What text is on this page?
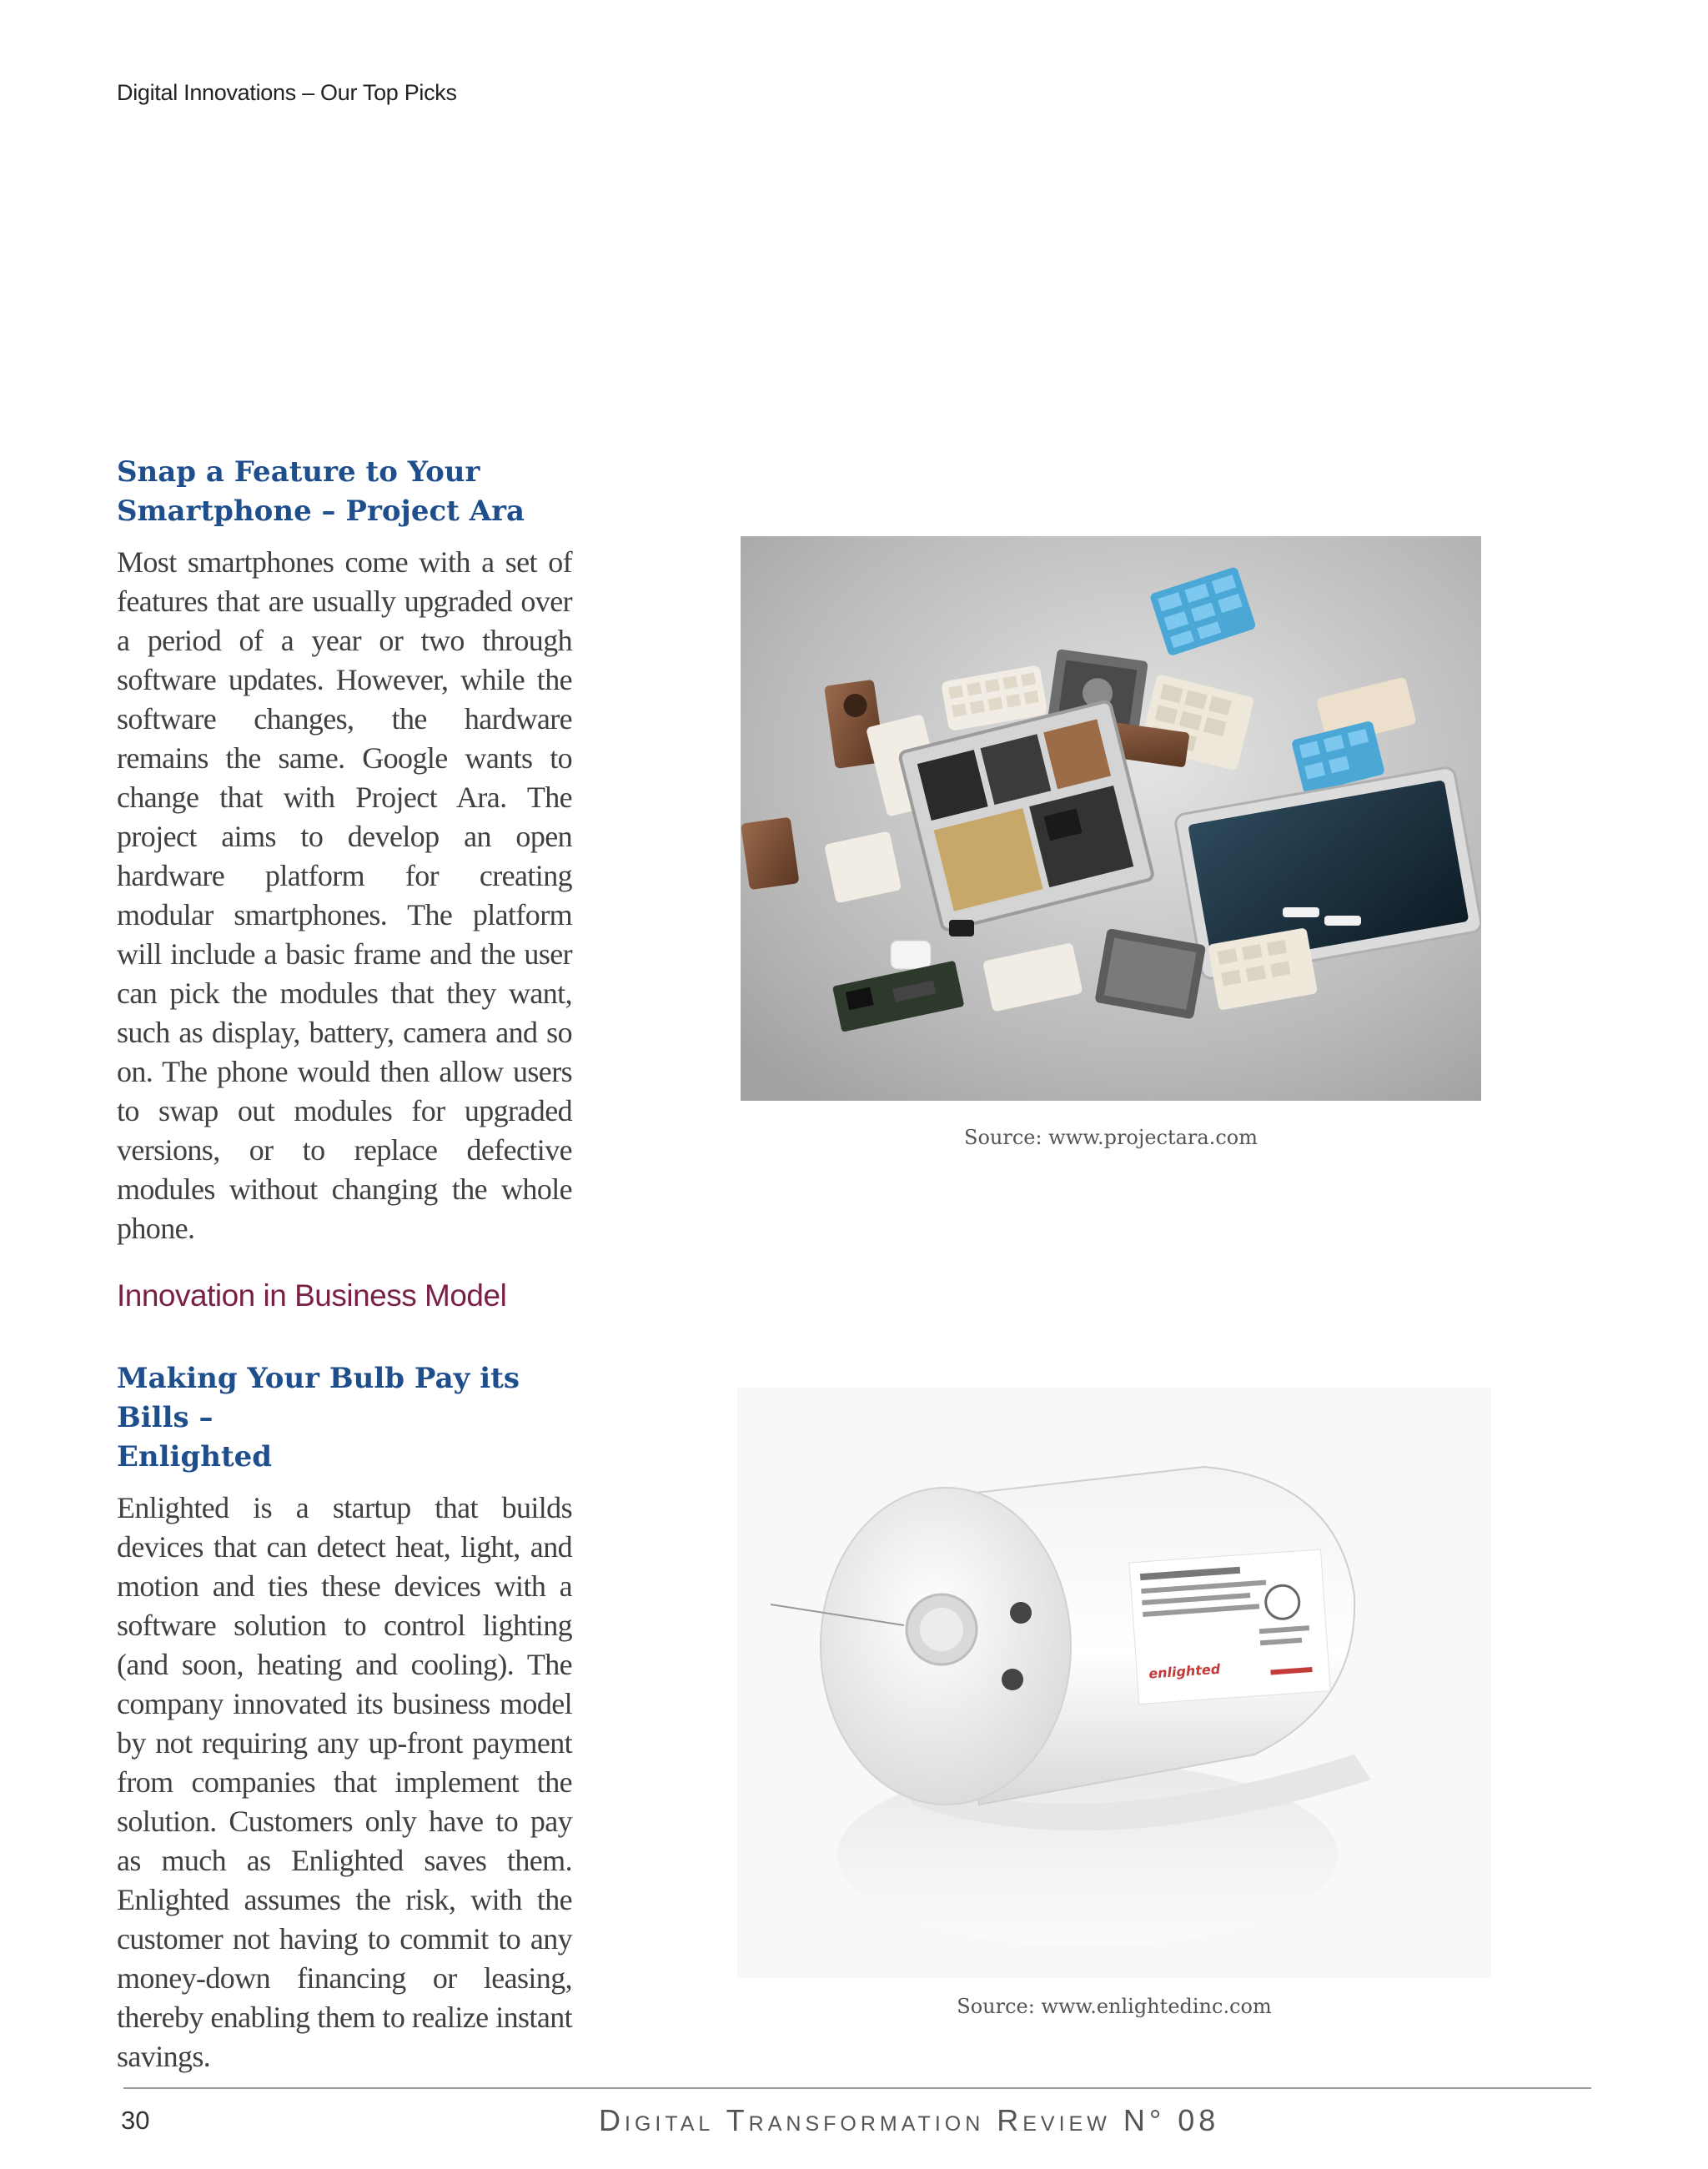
Digital Innovations – Our Top Picks
Snap a Feature to Your
Smartphone – Project Ara

Most smartphones come with a set of features that are usually upgraded over a period of a year or two through software updates. However, while the software changes, the hardware remains the same. Google wants to change that with Project Ara. The project aims to develop an open hardware platform for creating modular smartphones. The platform will include a basic frame and the user can pick the modules that they want, such as display, battery, camera and so on. The phone would then allow users to swap out modules for upgraded versions, or to replace defective modules without changing the whole phone.

Source: www.projectara.com
Innovation in Business Model
Making Your Bulb Pay its Bills –
Enlighted

Enlighted is a startup that builds devices that can detect heat, light, and motion and ties these devices with a software solution to control lighting (and soon, heating and cooling). The company innovated its business model by not requiring any up-front payment from companies that implement the solution. Customers only have to pay as much as Enlighted saves them. Enlighted assumes the risk, with the customer not having to commit to any money-down financing or leasing, thereby enabling them to realize instant savings.

enlighted
Source: www.enlightedinc.com
30	Digital Transformation Review N° 08
